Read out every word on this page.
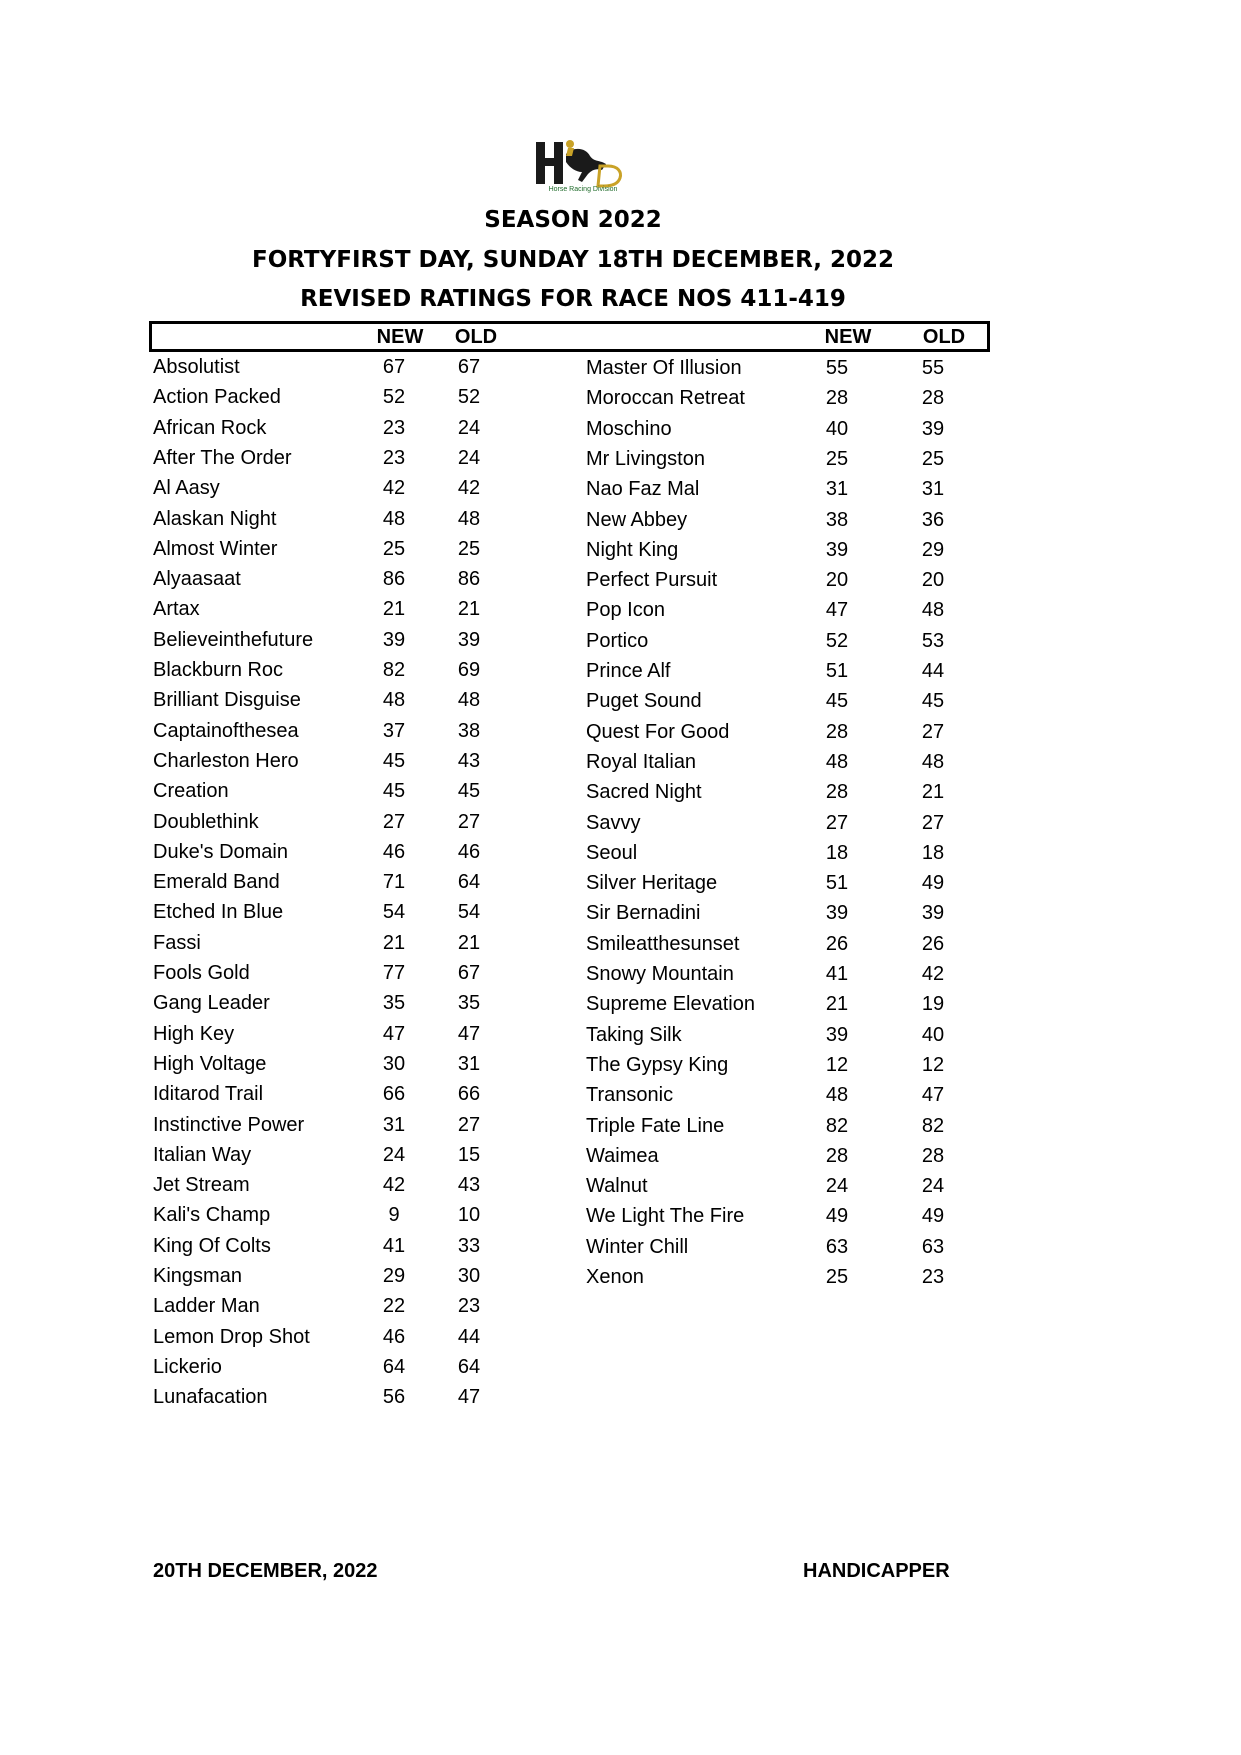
Horse Racing Division
SEASON 2022
FORTYFIRST DAY, SUNDAY 18TH DECEMBER, 2022
REVISED RATINGS FOR RACE NOS 411-419
NEW	OLD	NEW	OLD
Absolutist	67	67
Action Packed	52	52
African Rock	23	24
After The Order	23	24
Al Aasy	42	42
Alaskan Night	48	48
Almost Winter	25	25
Alyaasaat	86	86
Artax	21	21
Believeinthefuture	39	39
Blackburn Roc	82	69
Brilliant Disguise	48	48
Captainofthesea	37	38
Charleston Hero	45	43
Creation	45	45
Doublethink	27	27
Duke's Domain	46	46
Emerald Band	71	64
Etched In Blue	54	54
Fassi	21	21
Fools Gold	77	67
Gang Leader	35	35
High Key	47	47
High Voltage	30	31
Iditarod Trail	66	66
Instinctive Power	31	27
Italian Way	24	15
Jet Stream	42	43
Kali's Champ	9	10
King Of Colts	41	33
Kingsman	29	30
Ladder Man	22	23
Lemon Drop Shot	46	44
Lickerio	64	64
Lunafacation	56	47
Master Of Illusion	55	55
Moroccan Retreat	28	28
Moschino	40	39
Mr Livingston	25	25
Nao Faz Mal	31	31
New Abbey	38	36
Night King	39	29
Perfect Pursuit	20	20
Pop Icon	47	48
Portico	52	53
Prince Alf	51	44
Puget Sound	45	45
Quest For Good	28	27
Royal Italian	48	48
Sacred Night	28	21
Savvy	27	27
Seoul	18	18
Silver Heritage	51	49
Sir Bernadini	39	39
Smileatthesunset	26	26
Snowy Mountain	41	42
Supreme Elevation	21	19
Taking Silk	39	40
The Gypsy King	12	12
Transonic	48	47
Triple Fate Line	82	82
Waimea	28	28
Walnut	24	24
We Light The Fire	49	49
Winter Chill	63	63
Xenon	25	23
20TH DECEMBER, 2022	HANDICAPPER
